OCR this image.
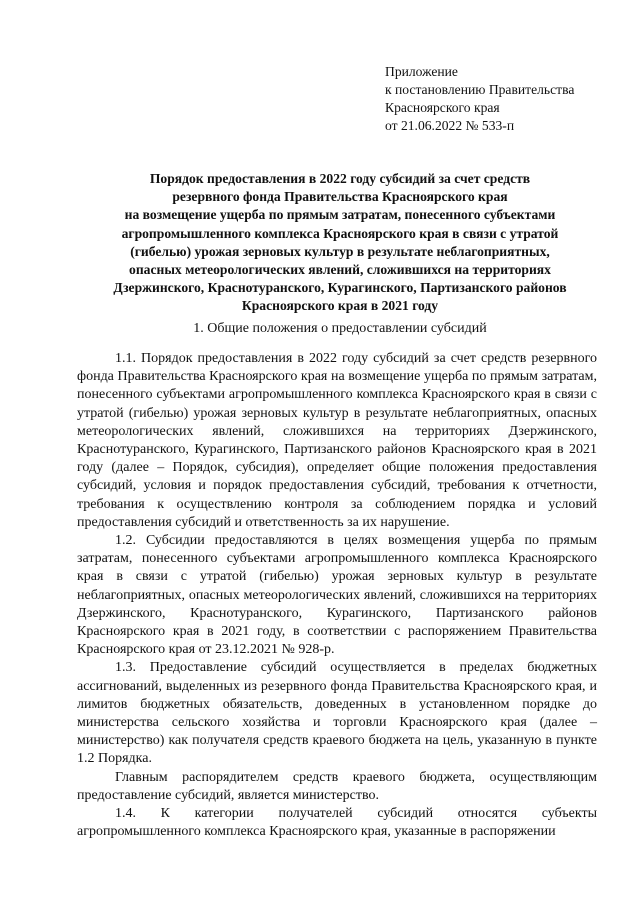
Приложение
к постановлению Правительства
Красноярского края
от 21.06.2022 № 533-п
Порядок предоставления в 2022 году субсидий за счет средств
резервного фонда Правительства Красноярского края
на возмещение ущерба по прямым затратам, понесенного субъектами
агропромышленного комплекса Красноярского края в связи с утратой
(гибелью) урожая зерновых культур в результате неблагоприятных,
опасных метеорологических явлений, сложившихся на территориях
Дзержинского, Краснотуранского, Курагинского, Партизанского районов
Красноярского края в 2021 году
1. Общие положения о предоставлении субсидий

1.1. Порядок предоставления в 2022 году субсидий за счет средств резервного фонда Правительства Красноярского края на возмещение ущерба по прямым затратам, понесенного субъектами агропромышленного комплекса Красноярского края в связи с утратой (гибелью) урожая зерновых культур в результате неблагоприятных, опасных метеорологических явлений, сложившихся на территориях Дзержинского, Краснотуранского, Курагинского, Партизанского районов Красноярского края в 2021 году (далее – Порядок, субсидия), определяет общие положения предоставления субсидий, условия и порядок предоставления субсидий, требования к отчетности, требования к осуществлению контроля за соблюдением порядка и условий предоставления субсидий и ответственность за их нарушение.

1.2. Субсидии предоставляются в целях возмещения ущерба по прямым затратам, понесенного субъектами агропромышленного комплекса Красноярского края в связи с утратой (гибелью) урожая зерновых культур в результате неблагоприятных, опасных метеорологических явлений, сложившихся на территориях Дзержинского, Краснотуранского, Курагинского, Партизанского районов Красноярского края в 2021 году, в соответствии с распоряжением Правительства Красноярского края от 23.12.2021 № 928-р.

1.3. Предоставление субсидий осуществляется в пределах бюджетных ассигнований, выделенных из резервного фонда Правительства Красноярского края, и лимитов бюджетных обязательств, доведенных в установленном порядке до министерства сельского хозяйства и торговли Красноярского края (далее – министерство) как получателя средств краевого бюджета на цель, указанную в пункте 1.2 Порядка.

Главным распорядителем средств краевого бюджета, осуществляющим предоставление субсидий, является министерство.

1.4. К категории получателей субсидий относятся субъекты агропромышленного комплекса Красноярского края, указанные в распоряжении
